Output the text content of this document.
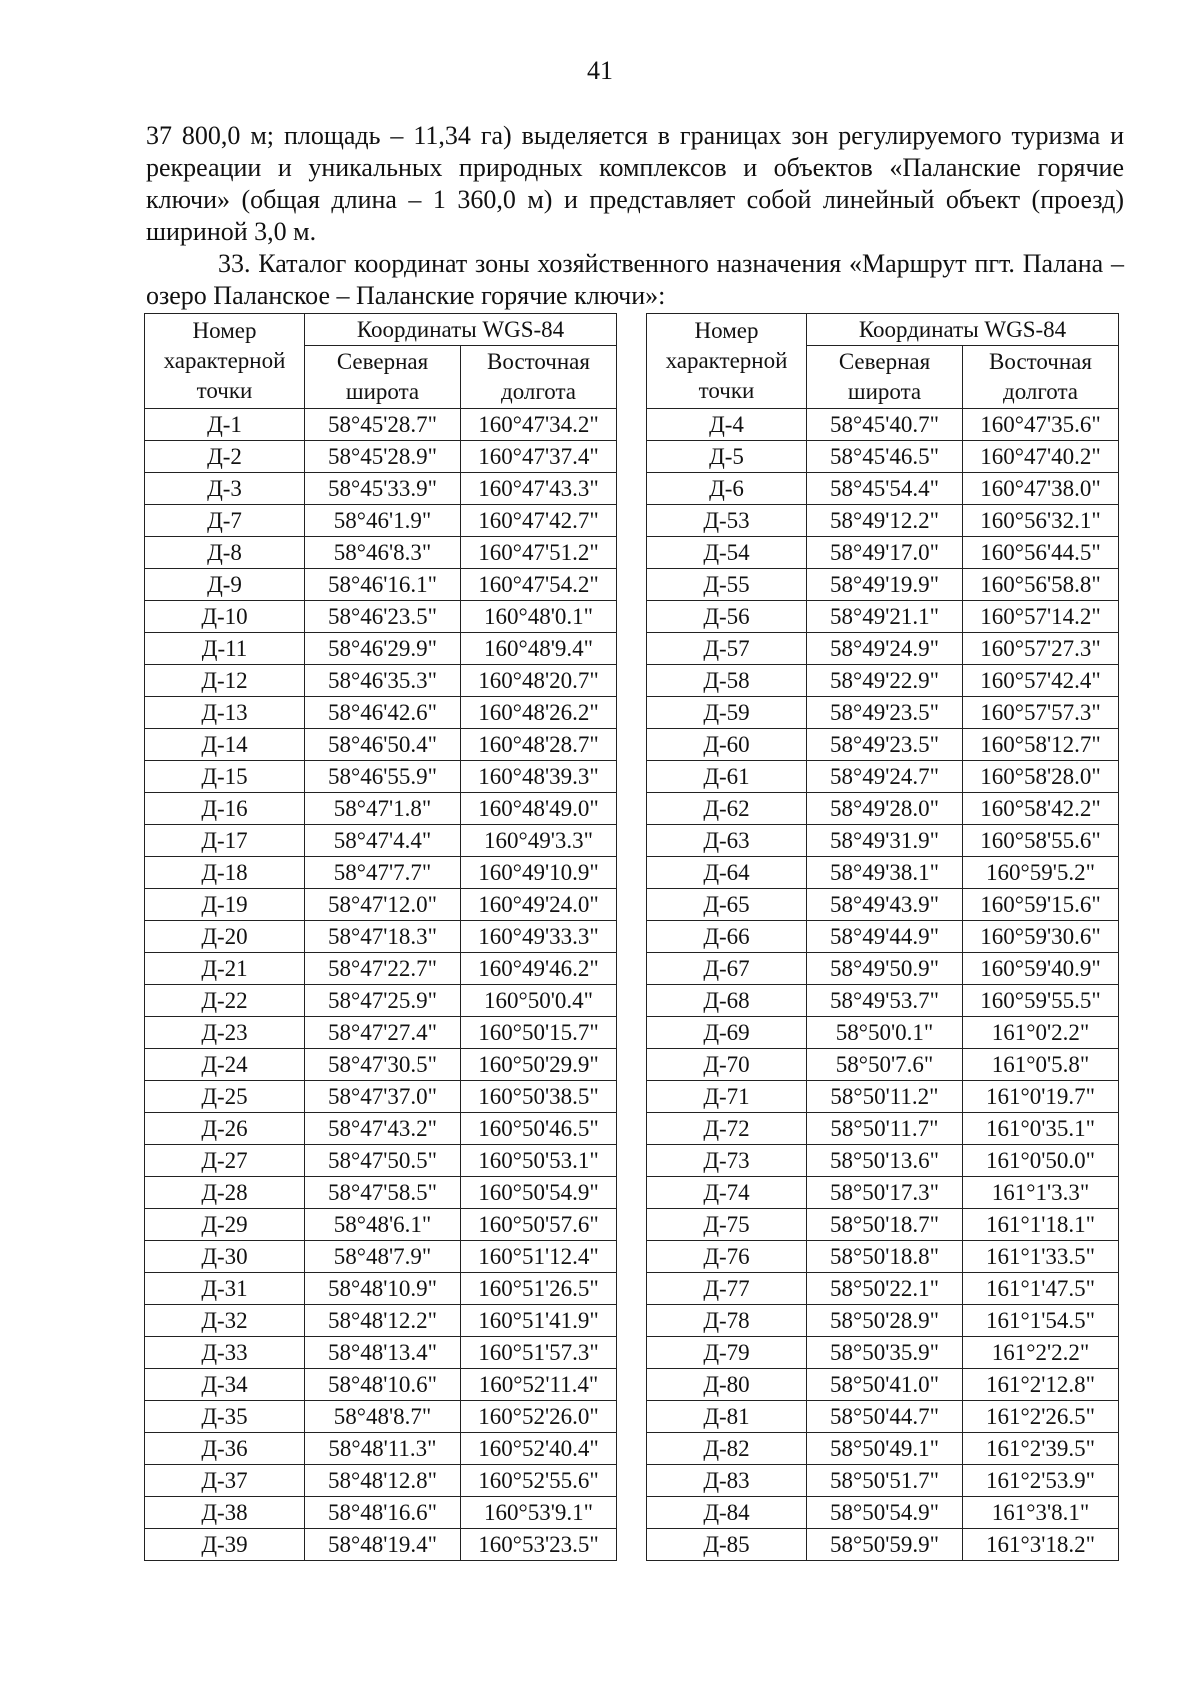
41

37 800,0 м; площадь – 11,34 га) выделяется в границах зон регулируемого туризма и рекреации и уникальных природных комплексов и объектов «Паланские горячие ключи» (общая длина – 1 360,0 м) и представляет собой линейный объект (проезд) шириной 3,0 м.

33. Каталог координат зоны хозяйственного назначения «Маршрут пгт. Палана – озеро Паланское – Паланские горячие ключи»:

Номер характерной точки	Координаты WGS-84	
	Северная широта	Восточная долгота
Д-1	58°45'28.7"	160°47'34.2"
Д-2	58°45'28.9"	160°47'37.4"
Д-3	58°45'33.9"	160°47'43.3"
Д-7	58°46'1.9"	160°47'42.7"
Д-8	58°46'8.3"	160°47'51.2"
Д-9	58°46'16.1"	160°47'54.2"
Д-10	58°46'23.5"	160°48'0.1"
Д-11	58°46'29.9"	160°48'9.4"
Д-12	58°46'35.3"	160°48'20.7"
Д-13	58°46'42.6"	160°48'26.2"
Д-14	58°46'50.4"	160°48'28.7"
Д-15	58°46'55.9"	160°48'39.3"
Д-16	58°47'1.8"	160°48'49.0"
Д-17	58°47'4.4"	160°49'3.3"
Д-18	58°47'7.7"	160°49'10.9"
Д-19	58°47'12.0"	160°49'24.0"
Д-20	58°47'18.3"	160°49'33.3"
Д-21	58°47'22.7"	160°49'46.2"
Д-22	58°47'25.9"	160°50'0.4"
Д-23	58°47'27.4"	160°50'15.7"
Д-24	58°47'30.5"	160°50'29.9"
Д-25	58°47'37.0"	160°50'38.5"
Д-26	58°47'43.2"	160°50'46.5"
Д-27	58°47'50.5"	160°50'53.1"
Д-28	58°47'58.5"	160°50'54.9"
Д-29	58°48'6.1"	160°50'57.6"
Д-30	58°48'7.9"	160°51'12.4"
Д-31	58°48'10.9"	160°51'26.5"
Д-32	58°48'12.2"	160°51'41.9"
Д-33	58°48'13.4"	160°51'57.3"
Д-34	58°48'10.6"	160°52'11.4"
Д-35	58°48'8.7"	160°52'26.0"
Д-36	58°48'11.3"	160°52'40.4"
Д-37	58°48'12.8"	160°52'55.6"
Д-38	58°48'16.6"	160°53'9.1"
Д-39	58°48'19.4"	160°53'23.5"
Номер характерной точки	Координаты WGS-84	
	Северная широта	Восточная долгота
Д-4	58°45'40.7"	160°47'35.6"
Д-5	58°45'46.5"	160°47'40.2"
Д-6	58°45'54.4"	160°47'38.0"
Д-53	58°49'12.2"	160°56'32.1"
Д-54	58°49'17.0"	160°56'44.5"
Д-55	58°49'19.9"	160°56'58.8"
Д-56	58°49'21.1"	160°57'14.2"
Д-57	58°49'24.9"	160°57'27.3"
Д-58	58°49'22.9"	160°57'42.4"
Д-59	58°49'23.5"	160°57'57.3"
Д-60	58°49'23.5"	160°58'12.7"
Д-61	58°49'24.7"	160°58'28.0"
Д-62	58°49'28.0"	160°58'42.2"
Д-63	58°49'31.9"	160°58'55.6"
Д-64	58°49'38.1"	160°59'5.2"
Д-65	58°49'43.9"	160°59'15.6"
Д-66	58°49'44.9"	160°59'30.6"
Д-67	58°49'50.9"	160°59'40.9"
Д-68	58°49'53.7"	160°59'55.5"
Д-69	58°50'0.1"	161°0'2.2"
Д-70	58°50'7.6"	161°0'5.8"
Д-71	58°50'11.2"	161°0'19.7"
Д-72	58°50'11.7"	161°0'35.1"
Д-73	58°50'13.6"	161°0'50.0"
Д-74	58°50'17.3"	161°1'3.3"
Д-75	58°50'18.7"	161°1'18.1"
Д-76	58°50'18.8"	161°1'33.5"
Д-77	58°50'22.1"	161°1'47.5"
Д-78	58°50'28.9"	161°1'54.5"
Д-79	58°50'35.9"	161°2'2.2"
Д-80	58°50'41.0"	161°2'12.8"
Д-81	58°50'44.7"	161°2'26.5"
Д-82	58°50'49.1"	161°2'39.5"
Д-83	58°50'51.7"	161°2'53.9"
Д-84	58°50'54.9"	161°3'8.1"
Д-85	58°50'59.9"	161°3'18.2"
